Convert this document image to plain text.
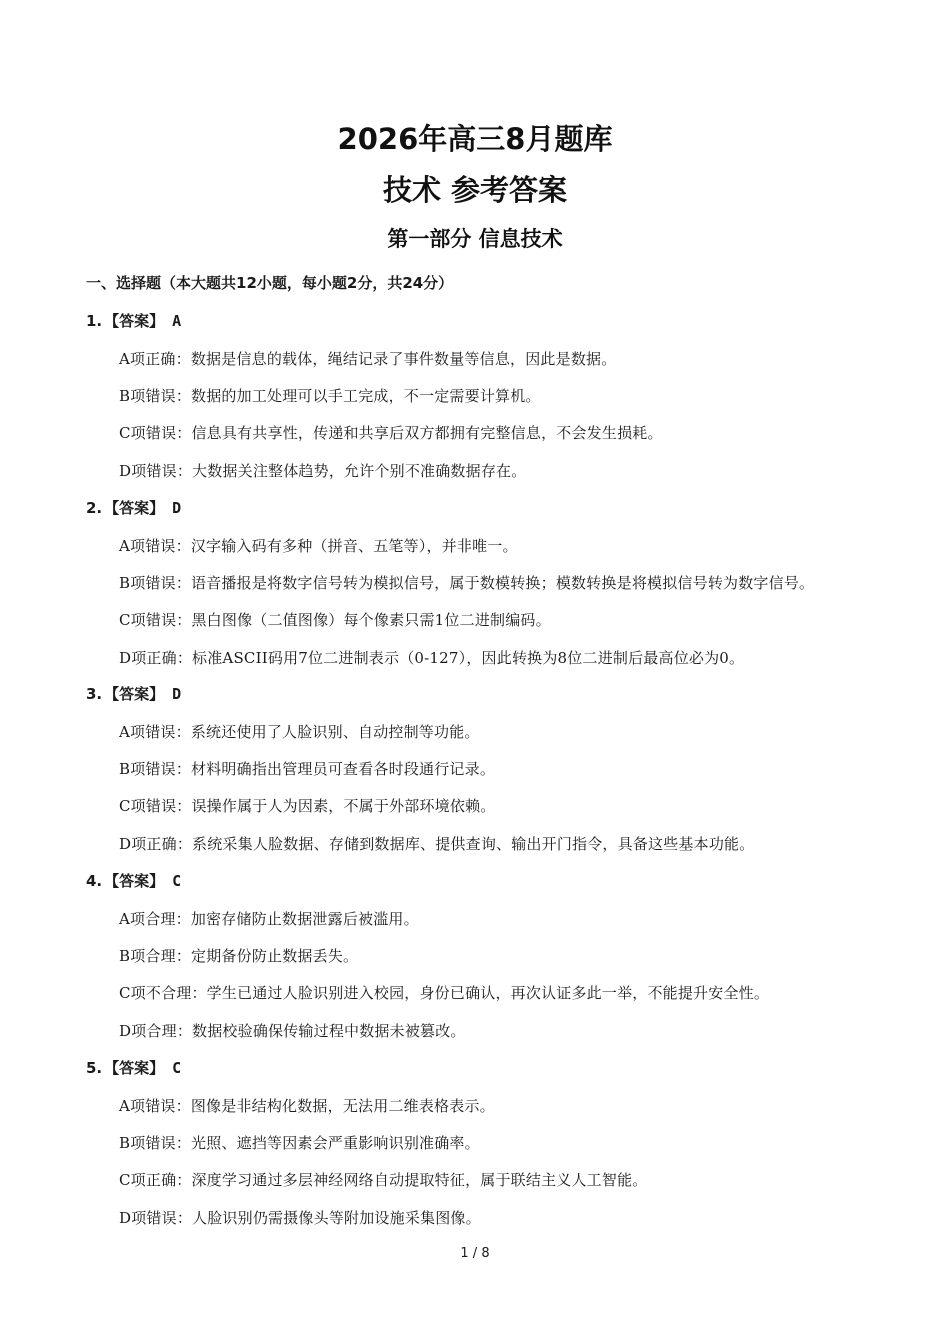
2026年高三8月题库
技术 参考答案
第一部分 信息技术
一、选择题（本大题共12小题，每小题2分，共24分）
1. 【答案】 A
A项正确：数据是信息的载体，绳结记录了事件数量等信息，因此是数据。
B项错误：数据的加工处理可以手工完成，不一定需要计算机。
C项错误：信息具有共享性，传递和共享后双方都拥有完整信息，不会发生损耗。
D项错误：大数据关注整体趋势，允许个别不准确数据存在。
2. 【答案】 D
A项错误：汉字输入码有多种（拼音、五笔等），并非唯一。
B项错误：语音播报是将数字信号转为模拟信号，属于数模转换；模数转换是将模拟信号转为数字信号。
C项错误：黑白图像（二值图像）每个像素只需1位二进制编码。
D项正确：标准ASCII码用7位二进制表示（0-127），因此转换为8位二进制后最高位必为0。
3. 【答案】 D
A项错误：系统还使用了人脸识别、自动控制等功能。
B项错误：材料明确指出管理员可查看各时段通行记录。
C项错误：误操作属于人为因素，不属于外部环境依赖。
D项正确：系统采集人脸数据、存储到数据库、提供查询、输出开门指令，具备这些基本功能。
4. 【答案】 C
A项合理：加密存储防止数据泄露后被滥用。
B项合理：定期备份防止数据丢失。
C项不合理：学生已通过人脸识别进入校园，身份已确认，再次认证多此一举，不能提升安全性。
D项合理：数据校验确保传输过程中数据未被篡改。
5. 【答案】 C
A项错误：图像是非结构化数据，无法用二维表格表示。
B项错误：光照、遮挡等因素会严重影响识别准确率。
C项正确：深度学习通过多层神经网络自动提取特征，属于联结主义人工智能。
D项错误：人脸识别仍需摄像头等附加设施采集图像。
1 / 8
